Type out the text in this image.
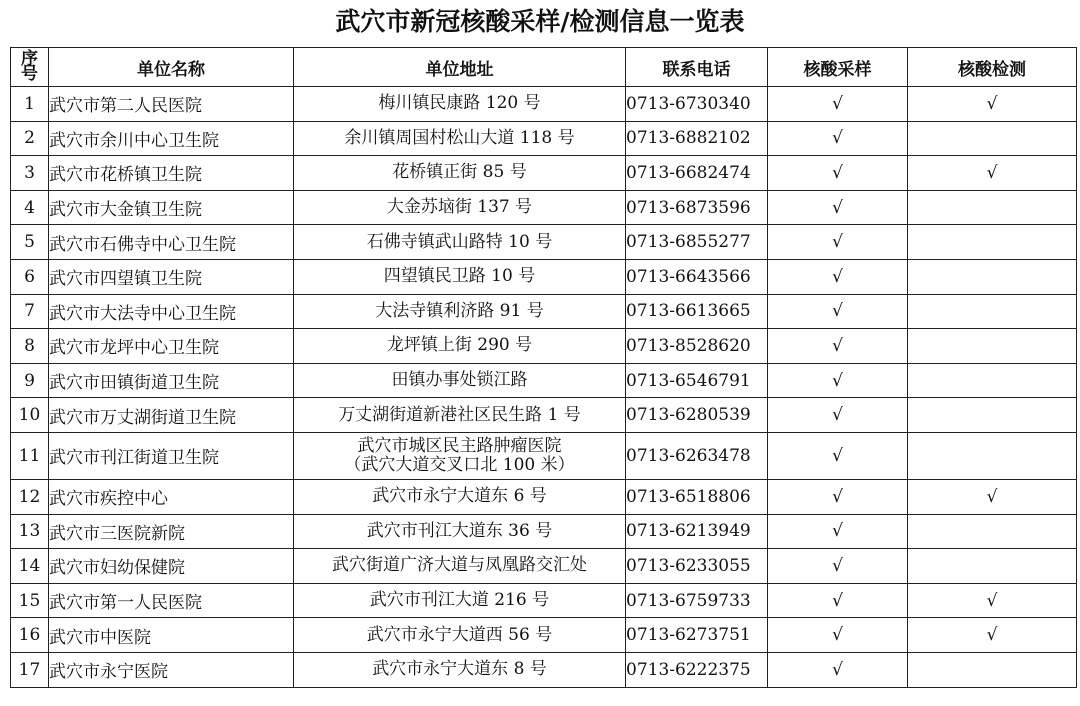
武穴市新冠核酸采样/检测信息一览表
序
号	单位名称	单位地址	联系电话	核酸采样	核酸检测
1	武穴市第二人民医院	梅川镇民康路 120 号	0713-6730340	√	√
2	武穴市余川中心卫生院	余川镇周国村松山大道 118 号	0713-6882102	√	
3	武穴市花桥镇卫生院	花桥镇正街 85 号	0713-6682474	√	√
4	武穴市大金镇卫生院	大金苏垴街 137 号	0713-6873596	√	
5	武穴市石佛寺中心卫生院	石佛寺镇武山路特 10 号	0713-6855277	√	
6	武穴市四望镇卫生院	四望镇民卫路 10 号	0713-6643566	√	
7	武穴市大法寺中心卫生院	大法寺镇利济路 91 号	0713-6613665	√	
8	武穴市龙坪中心卫生院	龙坪镇上街 290 号	0713-8528620	√	
9	武穴市田镇街道卫生院	田镇办事处锁江路	0713-6546791	√	
10	武穴市万丈湖街道卫生院	万丈湖街道新港社区民生路 1 号	0713-6280539	√	
11	武穴市刊江街道卫生院	武穴市城区民主路肿瘤医院
（武穴大道交叉口北 100 米）	0713-6263478	√	
12	武穴市疾控中心	武穴市永宁大道东 6 号	0713-6518806	√	√
13	武穴市三医院新院	武穴市刊江大道东 36 号	0713-6213949	√	
14	武穴市妇幼保健院	武穴街道广济大道与凤凰路交汇处	0713-6233055	√	
15	武穴市第一人民医院	武穴市刊江大道 216 号	0713-6759733	√	√
16	武穴市中医院	武穴市永宁大道西 56 号	0713-6273751	√	√
17	武穴市永宁医院	武穴市永宁大道东 8 号	0713-6222375	√	
